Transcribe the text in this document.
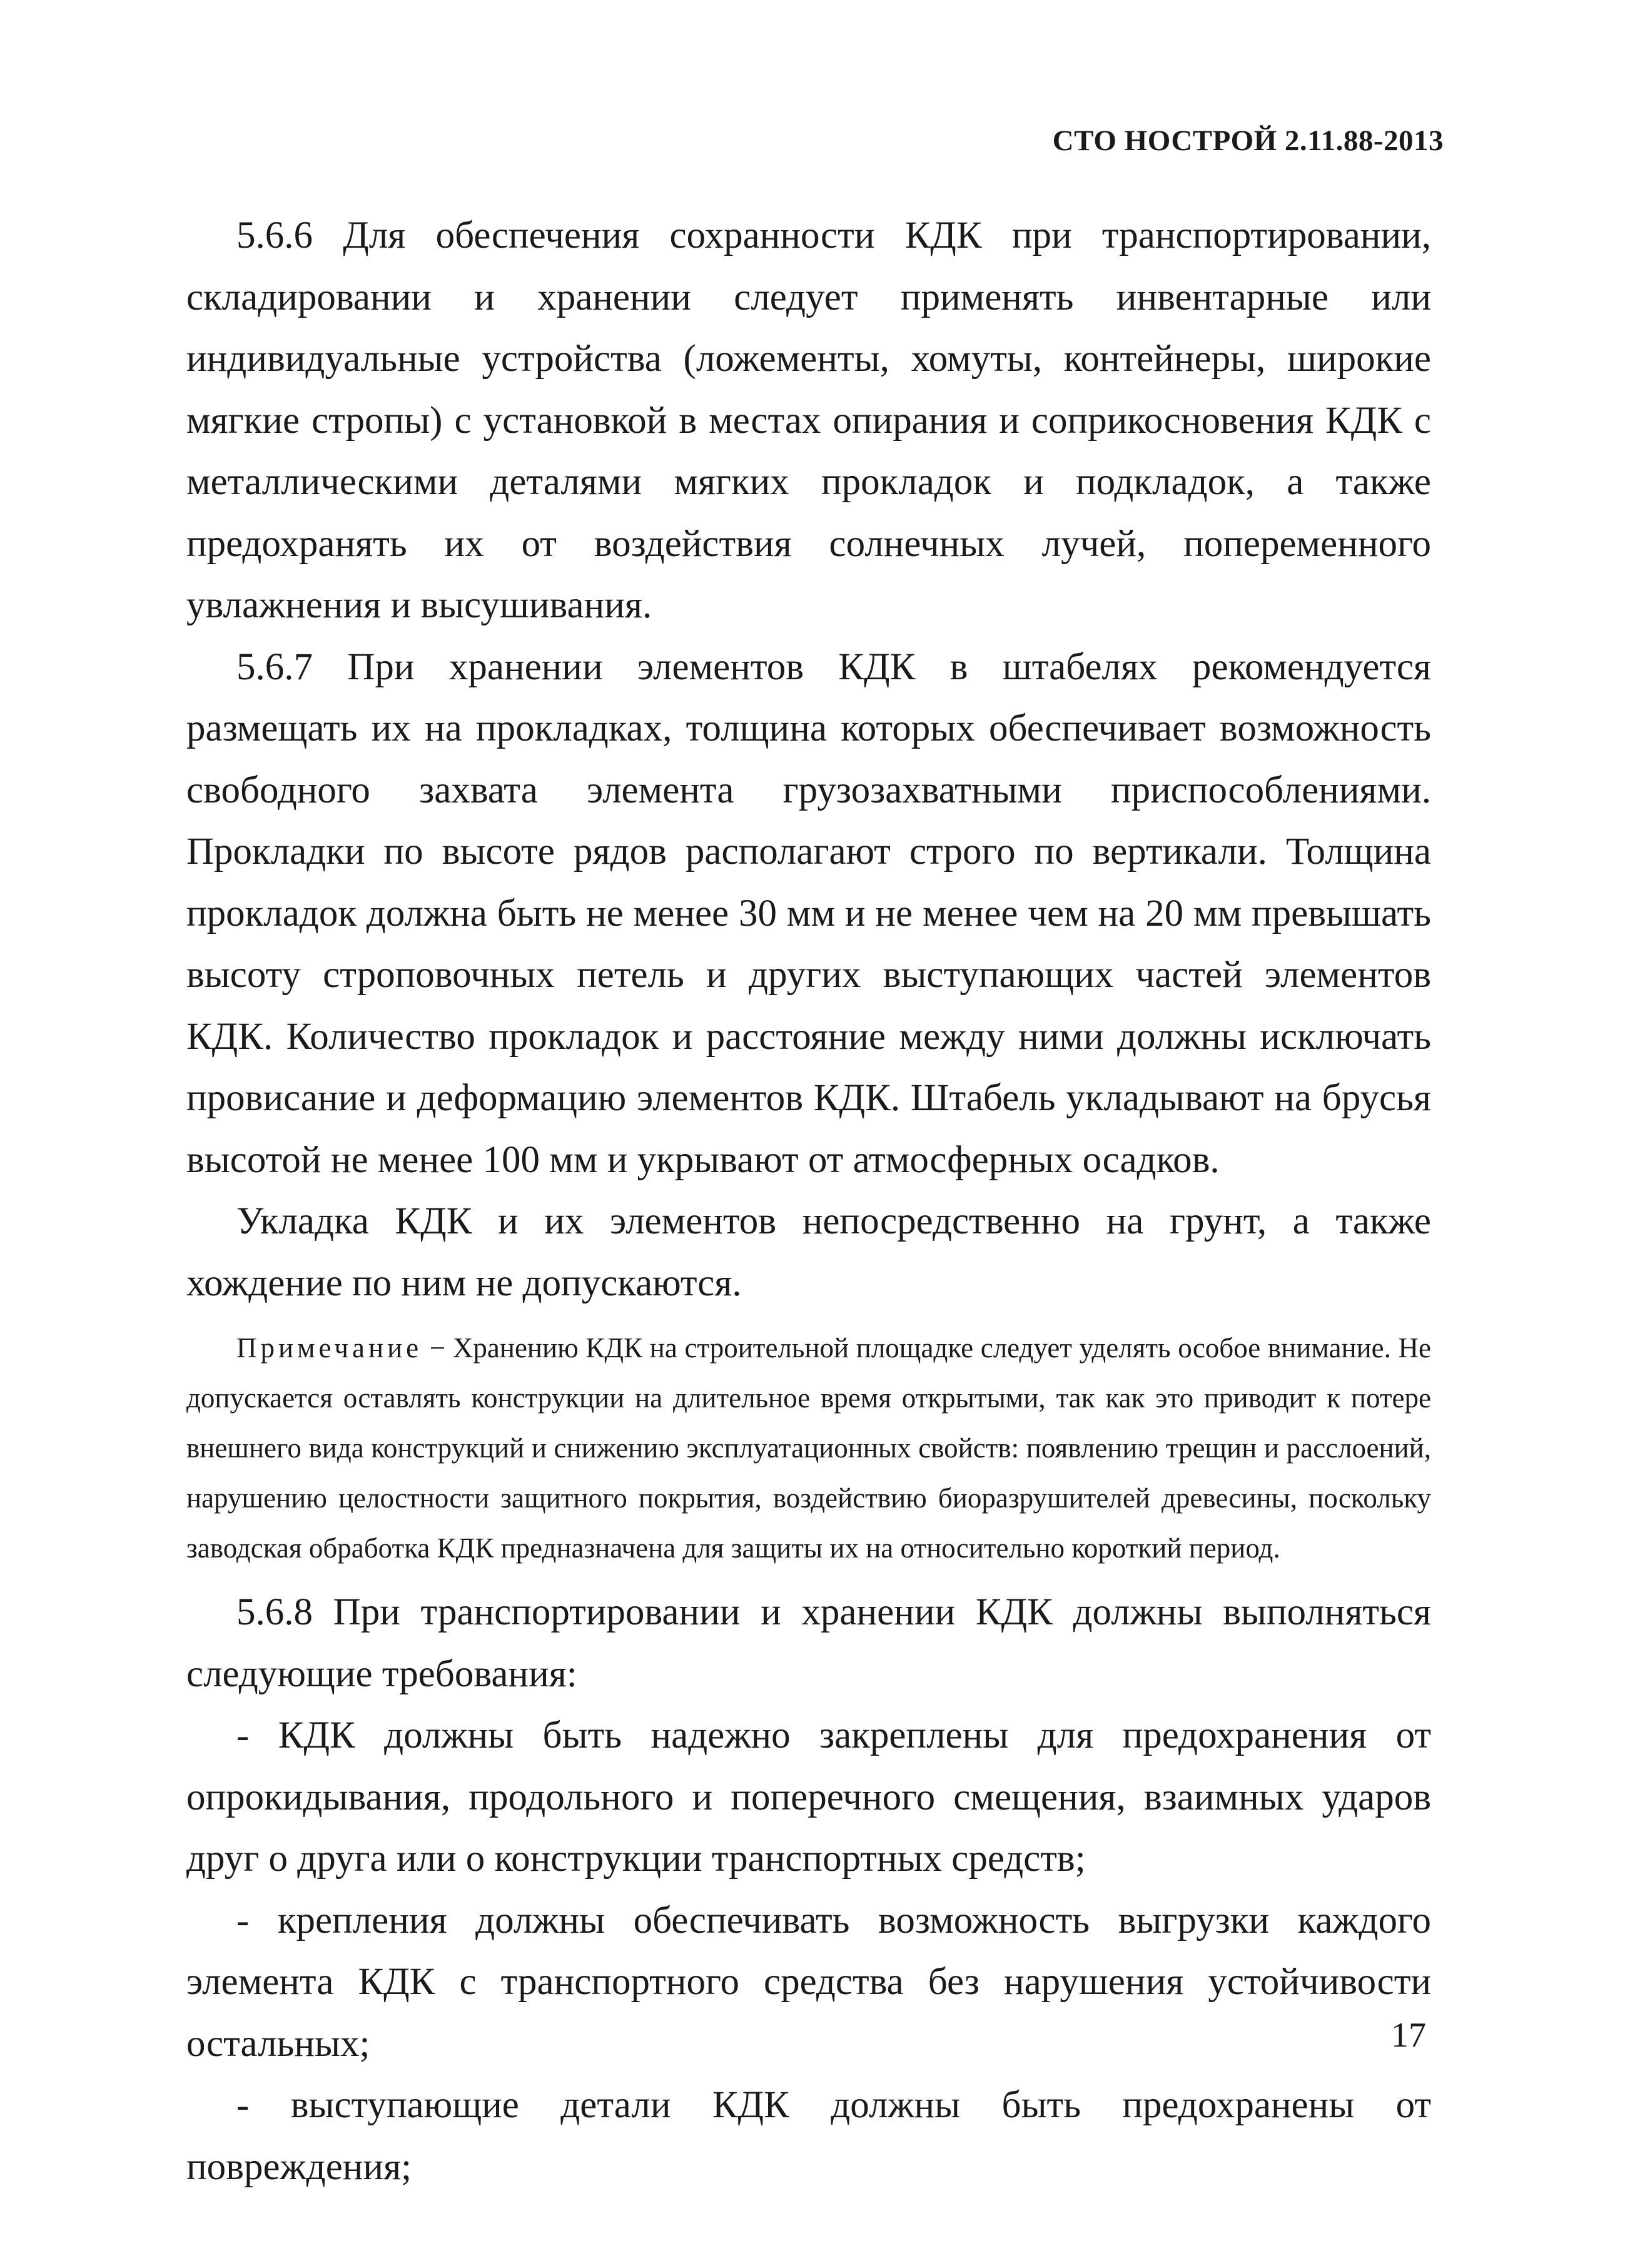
СТО НОСТРОЙ 2.11.88-2013

5.6.6 Для обеспечения сохранности КДК при транспортировании, складировании и хранении следует применять инвентарные или индивидуальные устройства (ложементы, хомуты, контейнеры, широкие мягкие стропы) с установкой в местах опирания и соприкосновения КДК с металлическими деталями мягких прокладок и подкладок, а также предохранять их от воздействия солнечных лучей, попеременного увлажнения и высушивания.

5.6.7 При хранении элементов КДК в штабелях рекомендуется размещать их на прокладках, толщина которых обеспечивает возможность свободного захвата элемента грузозахватными приспособлениями. Прокладки по высоте рядов располагают строго по вертикали. Толщина прокладок должна быть не менее 30 мм и не менее чем на 20 мм превышать высоту строповочных петель и других выступающих частей элементов КДК. Количество прокладок и расстояние между ними должны исключать провисание и деформацию элементов КДК. Штабель укладывают на брусья высотой не менее 100 мм и укрывают от атмосферных осадков.

Укладка КДК и их элементов непосредственно на грунт, а также хождение по ним не допускаются.

Примечание − Хранению КДК на строительной площадке следует уделять особое внимание. Не допускается оставлять конструкции на длительное время открытыми, так как это приводит к потере внешнего вида конструкций и снижению эксплуатационных свойств: появлению трещин и расслоений, нарушению целостности защитного покрытия, воздействию биоразрушителей древесины, поскольку заводская обработка КДК предназначена для защиты их на относительно короткий период.

5.6.8 При транспортировании и хранении КДК должны выполняться следующие требования:

- КДК должны быть надежно закреплены для предохранения от опрокидывания, продольного и поперечного смещения, взаимных ударов друг о друга или о конструкции транспортных средств;

- крепления должны обеспечивать возможность выгрузки каждого элемента КДК с транспортного средства без нарушения устойчивости остальных;

- выступающие детали КДК должны быть предохранены от повреждения;

17
